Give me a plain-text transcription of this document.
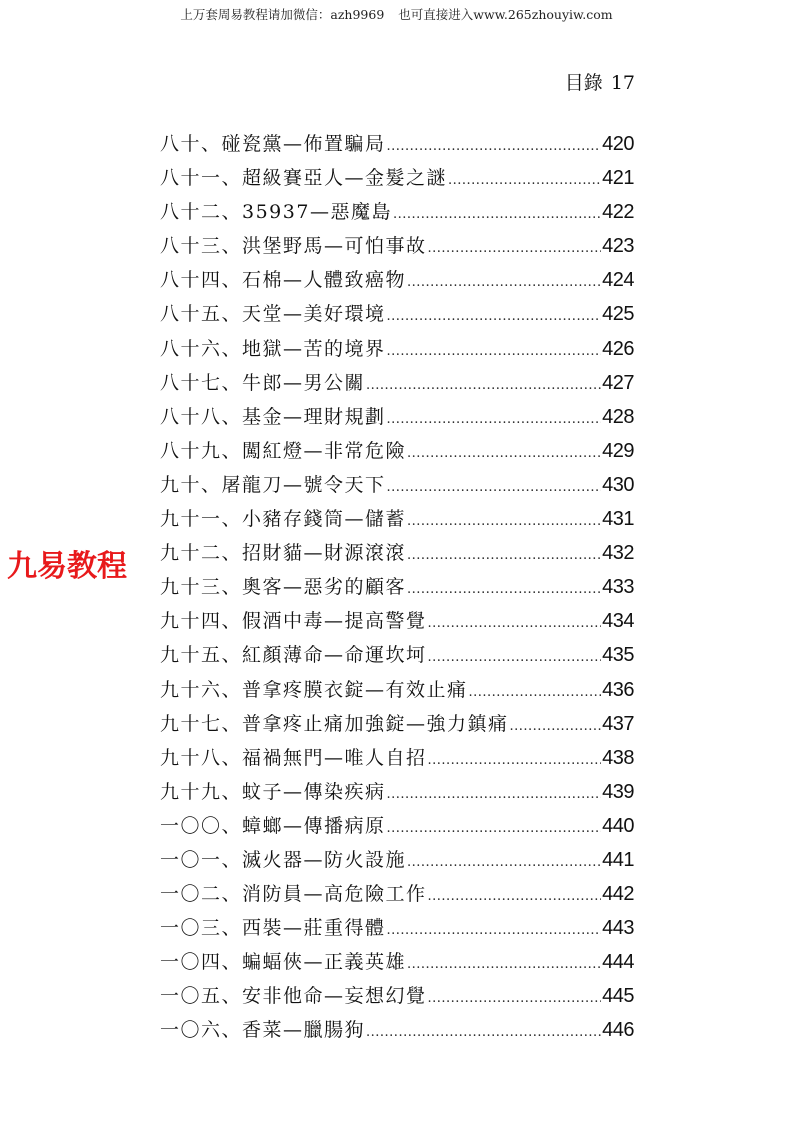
上万套周易教程请加微信：azh9969 也可直接进入www.265zhouyiw.com
目錄 17
九易教程
八十、碰瓷黨—佈置騙局 .....	420
八十一、超級賽亞人—金髮之謎 .....	421
八十二、35937—惡魔島 .....	422
八十三、洪堡野馬—可怕事故 .....	423
八十四、石棉—人體致癌物 .....	424
八十五、天堂—美好環境 .....	425
八十六、地獄—苦的境界 .....	426
八十七、牛郎—男公關 .....	427
八十八、基金—理財規劃 .....	428
八十九、闖紅燈—非常危險 .....	429
九十、屠龍刀—號令天下 .....	430
九十一、小豬存錢筒—儲蓄 .....	431
九十二、招財貓—財源滾滾 .....	432
九十三、奧客—惡劣的顧客 .....	433
九十四、假酒中毒—提高警覺 .....	434
九十五、紅顏薄命—命運坎坷 .....	435
九十六、普拿疼膜衣錠—有效止痛 .....	436
九十七、普拿疼止痛加強錠—強力鎮痛 .....	437
九十八、福禍無門—唯人自招 .....	438
九十九、蚊子—傳染疾病 .....	439
一〇〇、蟑螂—傳播病原 .....	440
一〇一、滅火器—防火設施 .....	441
一〇二、消防員—高危險工作 .....	442
一〇三、西裝—莊重得體 .....	443
一〇四、蝙蝠俠—正義英雄 .....	444
一〇五、安非他命—妄想幻覺 .....	445
一〇六、香菜—臘腸狗 .....	446
